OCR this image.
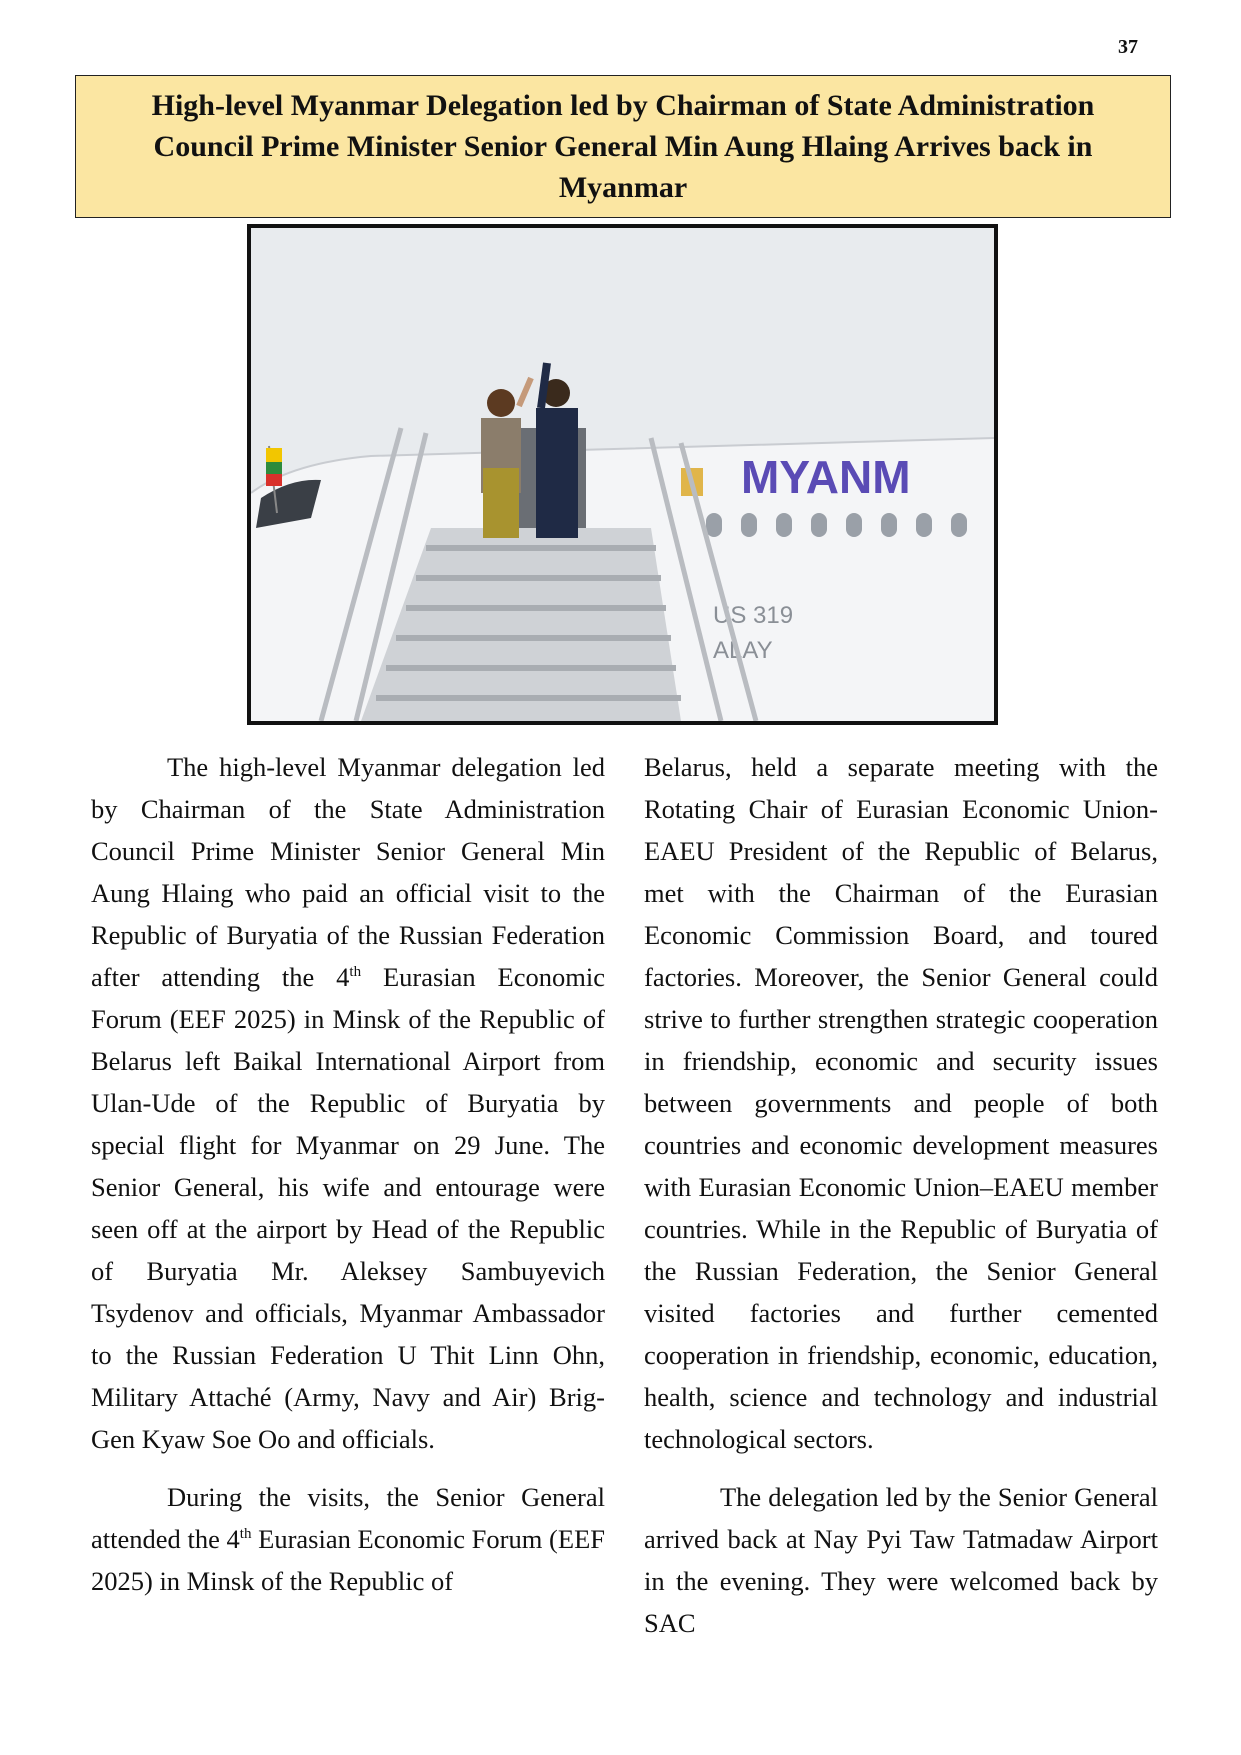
37
High-level Myanmar Delegation led by Chairman of State Administration Council Prime Minister Senior General Min Aung Hlaing Arrives back in Myanmar
MYANM
US 319
ALAY

The high-level Myanmar delegation led by Chairman of the State Administration Council Prime Minister Senior General Min Aung Hlaing who paid an official visit to the Republic of Buryatia of the Russian Federation after attending the 4th Eurasian Economic Forum (EEF 2025) in Minsk of the Republic of Belarus left Baikal International Airport from Ulan-Ude of the Republic of Buryatia by special flight for Myanmar on 29 June. The Senior General, his wife and entourage were seen off at the airport by Head of the Republic of Buryatia Mr. Aleksey Sambuyevich Tsydenov and officials, Myanmar Ambassador to the Russian Federation U Thit Linn Ohn, Military Attaché (Army, Navy and Air) Brig-Gen Kyaw Soe Oo and officials.

During the visits, the Senior General attended the 4th Eurasian Economic Forum (EEF 2025) in Minsk of the Republic of

Belarus, held a separate meeting with the Rotating Chair of Eurasian Economic Union-EAEU President of the Republic of Belarus, met with the Chairman of the Eurasian Economic Commission Board, and toured factories. Moreover, the Senior General could strive to further strengthen strategic cooperation in friendship, economic and security issues between governments and people of both countries and economic development measures with Eurasian Economic Union–EAEU member countries. While in the Republic of Buryatia of the Russian Federation, the Senior General visited factories and further cemented cooperation in friendship, economic, education, health, science and technology and industrial technological sectors.

The delegation led by the Senior General arrived back at Nay Pyi Taw Tatmadaw Airport in the evening. They were welcomed back by SAC
